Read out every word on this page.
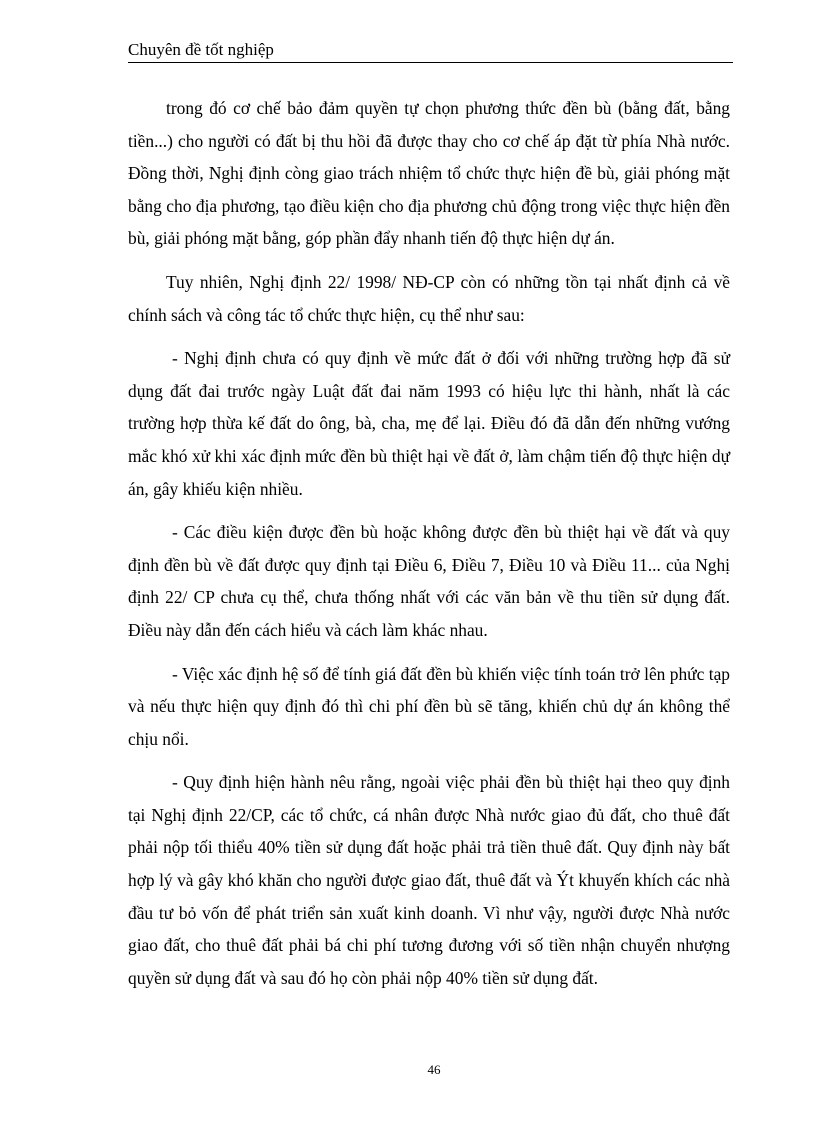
Chuyên đề tốt nghiệp

trong đó cơ chế bảo đảm quyền tự chọn phương thức đền bù (bằng đất, bằng tiền...) cho người có đất bị thu hồi đã được thay cho cơ chế áp đặt từ phía Nhà nước. Đồng thời, Nghị định còng giao trách nhiệm tổ chức thực hiện đề bù, giải phóng mặt bằng cho địa phương, tạo điều kiện cho địa phương chủ động trong việc thực hiện đền bù, giải phóng mặt bằng, góp phần đẩy nhanh tiến độ thực hiện dự án.

Tuy nhiên, Nghị định 22/ 1998/ NĐ-CP còn có những tồn tại nhất định cả về chính sách và công tác tổ chức thực hiện, cụ thể như sau:

- Nghị định chưa có quy định về mức đất ở đối với những trường hợp đã sử dụng đất đai trước ngày Luật đất đai năm 1993 có hiệu lực thi hành, nhất là các trường hợp thừa kế đất do ông, bà, cha, mẹ để lại. Điều đó đã dẫn đến những vướng mắc khó xử khi xác định mức đền bù thiệt hại về đất ở, làm chậm tiến độ thực hiện dự án, gây khiếu kiện nhiều.

- Các điều kiện được đền bù hoặc không được đền bù thiệt hại về đất và quy định đền bù về đất được quy định tại Điều 6, Điều 7, Điều 10 và Điều 11... của Nghị định 22/ CP chưa cụ thể, chưa thống nhất với các văn bản về thu tiền sử dụng đất. Điều này dẫn đến cách hiểu và cách làm khác nhau.

- Việc xác định hệ số để tính giá đất đền bù khiến việc tính toán trở lên phức tạp và nếu thực hiện quy định đó thì chi phí đền bù sẽ tăng, khiến chủ dự án không thể chịu nổi.

- Quy định hiện hành nêu rằng, ngoài việc phải đền bù thiệt hại theo quy định tại Nghị định 22/CP, các tổ chức, cá nhân được Nhà nước giao đủ đất, cho thuê đất phải nộp tối thiểu 40% tiền sử dụng đất hoặc phải trả tiền thuê đất. Quy định này bất hợp lý và gây khó khăn cho người được giao đất, thuê đất và Ýt khuyến khích các nhà đầu tư bỏ vốn để phát triển sản xuất kinh doanh. Vì như vậy, người được Nhà nước giao đất, cho thuê đất phải bá chi phí tương đương với số tiền nhận chuyển nhượng quyền sử dụng đất và sau đó họ còn phải nộp 40% tiền sử dụng đất.

46
